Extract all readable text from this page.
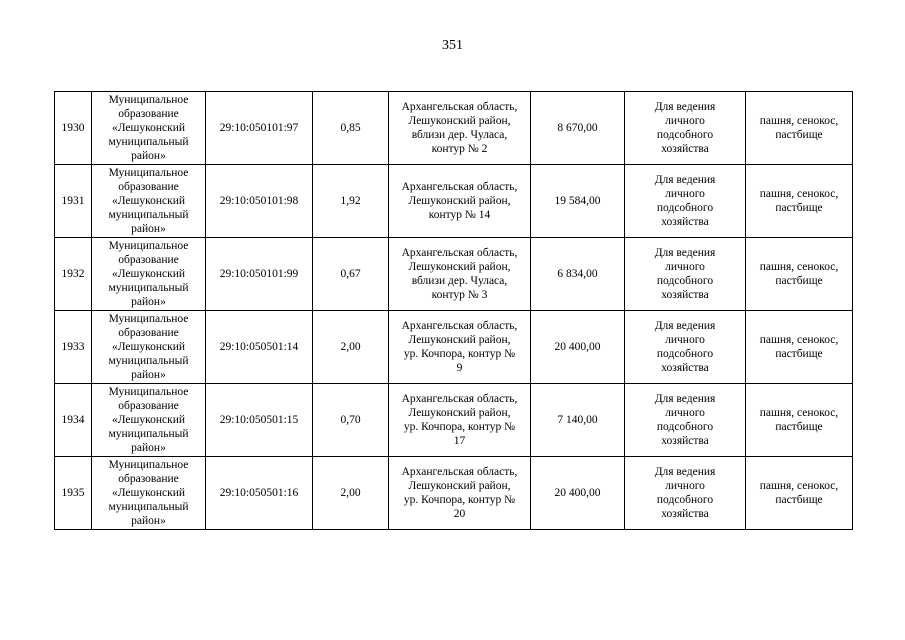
351
1930	Муниципальное
образование
«Лешуконский
муниципальный
район»	29:10:050101:97	0,85	Архангельская область,
Лешуконский район,
вблизи дер. Чуласа,
контур № 2	8 670,00	Для ведения
личного
подсобного
хозяйства	пашня, сенокос,
пастбище
1931	Муниципальное
образование
«Лешуконский
муниципальный
район»	29:10:050101:98	1,92	Архангельская область,
Лешуконский район,
контур № 14	19 584,00	Для ведения
личного
подсобного
хозяйства	пашня, сенокос,
пастбище
1932	Муниципальное
образование
«Лешуконский
муниципальный
район»	29:10:050101:99	0,67	Архангельская область,
Лешуконский район,
вблизи дер. Чуласа,
контур № 3	6 834,00	Для ведения
личного
подсобного
хозяйства	пашня, сенокос,
пастбище
1933	Муниципальное
образование
«Лешуконский
муниципальный
район»	29:10:050501:14	2,00	Архангельская область,
Лешуконский район,
ур. Кочпора, контур №
9	20 400,00	Для ведения
личного
подсобного
хозяйства	пашня, сенокос,
пастбище
1934	Муниципальное
образование
«Лешуконский
муниципальный
район»	29:10:050501:15	0,70	Архангельская область,
Лешуконский район,
ур. Кочпора, контур №
17	7 140,00	Для ведения
личного
подсобного
хозяйства	пашня, сенокос,
пастбище
1935	Муниципальное
образование
«Лешуконский
муниципальный
район»	29:10:050501:16	2,00	Архангельская область,
Лешуконский район,
ур. Кочпора, контур №
20	20 400,00	Для ведения
личного
подсобного
хозяйства	пашня, сенокос,
пастбище
